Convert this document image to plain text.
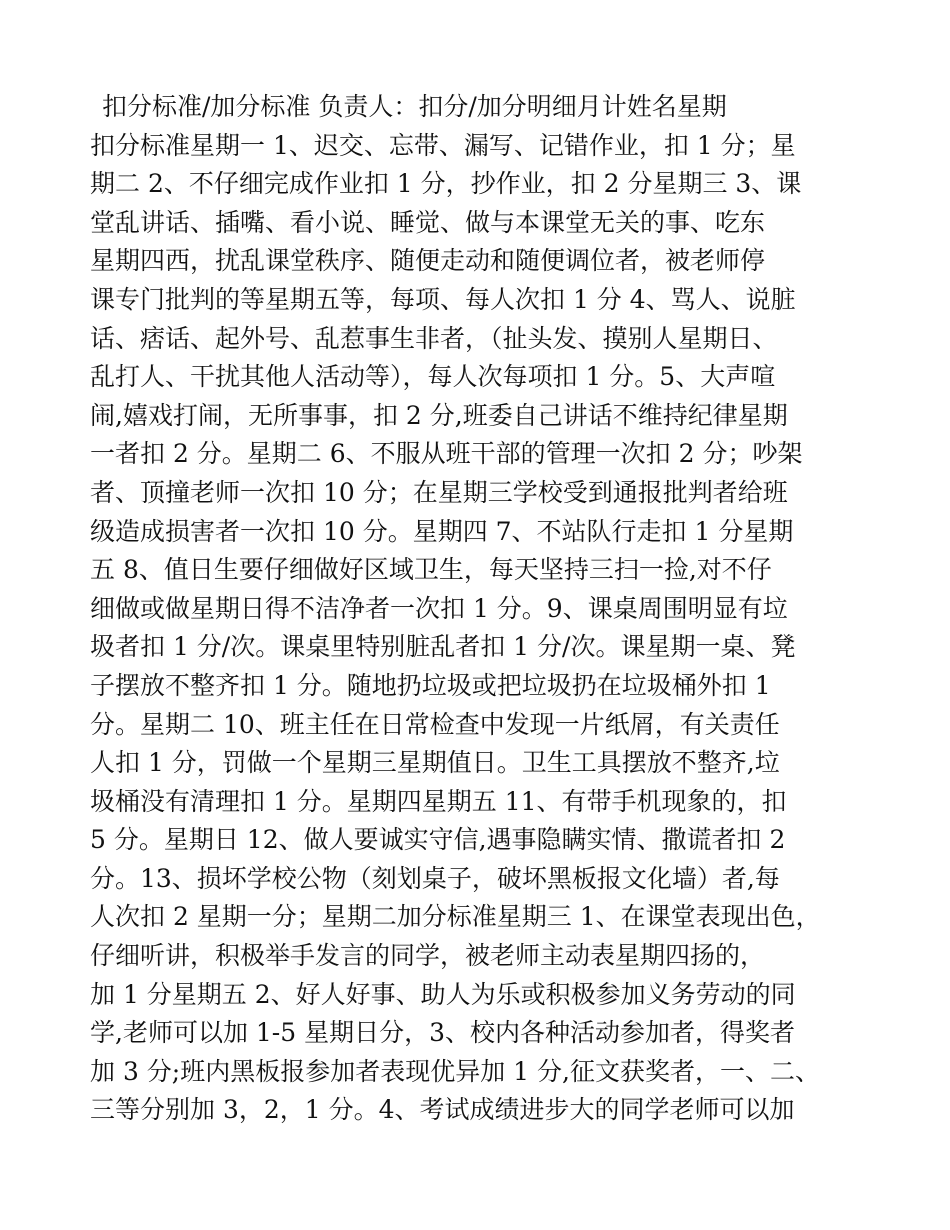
扣分标准/加分标准 负责人：扣分/加分明细月计姓名星期
扣分标准星期一 1、迟交、忘带、漏写、记错作业，扣 1 分；星
期二 2、不仔细完成作业扣 1 分，抄作业，扣 2 分星期三 3、课
堂乱讲话、插嘴、看小说、睡觉、做与本课堂无关的事、吃东
星期四西，扰乱课堂秩序、随便走动和随便调位者，被老师停
课专门批判的等星期五等，每项、每人次扣 1 分 4、骂人、说脏
话、痞话、起外号、乱惹事生非者，（扯头发、摸别人星期日、
乱打人、干扰其他人活动等），每人次每项扣 1 分。5、大声喧
闹,嬉戏打闹，无所事事，扣 2 分,班委自己讲话不维持纪律星期
一者扣 2 分。星期二 6、不服从班干部的管理一次扣 2 分；吵架
者、顶撞老师一次扣 10 分；在星期三学校受到通报批判者给班
级造成损害者一次扣 10 分。星期四 7、不站队行走扣 1 分星期
五 8、值日生要仔细做好区域卫生，每天坚持三扫一捡,对不仔
细做或做星期日得不洁净者一次扣 1 分。9、课桌周围明显有垃
圾者扣 1 分/次。课桌里特别脏乱者扣 1 分/次。课星期一桌、凳
子摆放不整齐扣 1 分。随地扔垃圾或把垃圾扔在垃圾桶外扣 1
分。星期二 10、班主任在日常检查中发现一片纸屑，有关责任
人扣 1 分，罚做一个星期三星期值日。卫生工具摆放不整齐,垃
圾桶没有清理扣 1 分。星期四星期五 11、有带手机现象的，扣
5 分。星期日 12、做人要诚实守信,遇事隐瞒实情、撒谎者扣 2
分。13、损坏学校公物（刻划桌子，破坏黑板报文化墙）者,每
人次扣 2 星期一分；星期二加分标准星期三 1、在课堂表现出色，
仔细听讲，积极举手发言的同学，被老师主动表星期四扬的，
加 1 分星期五 2、好人好事、助人为乐或积极参加义务劳动的同
学,老师可以加 1-5 星期日分，3、校内各种活动参加者，得奖者
加 3 分;班内黑板报参加者表现优异加 1 分,征文获奖者，一、二、
三等分别加 3，2，1 分。4、考试成绩进步大的同学老师可以加
